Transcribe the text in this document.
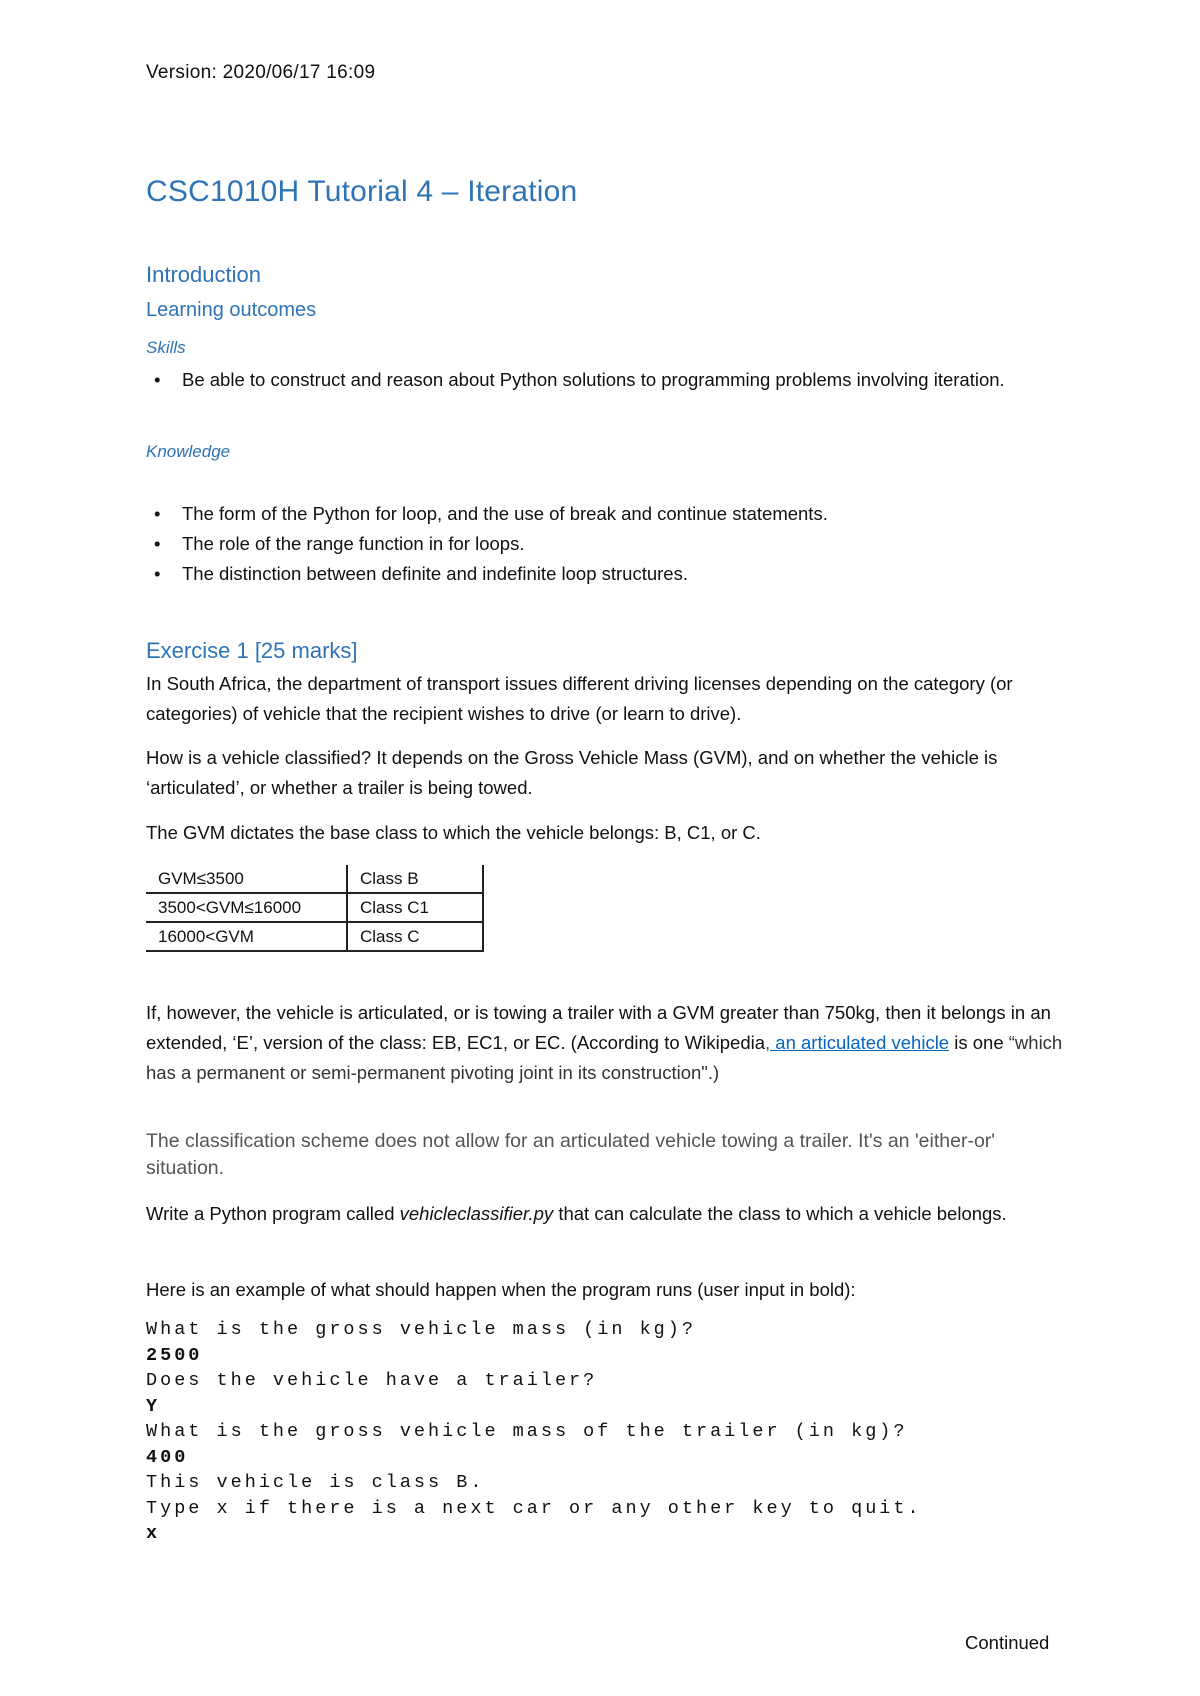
Version: 2020/06/17 16:09
CSC1010H Tutorial 4 – Iteration
Introduction
Learning outcomes
Skills
• Be able to construct and reason about Python solutions to programming problems involving iteration.
Knowledge
• The form of the Python for loop, and the use of break and continue statements.
• The role of the range function in for loops.
• The distinction between definite and indefinite loop structures.
Exercise 1 [25 marks]

In South Africa, the department of transport issues different driving licenses depending on the category (or categories) of vehicle that the recipient wishes to drive (or learn to drive).

How is a vehicle classified? It depends on the Gross Vehicle Mass (GVM), and on whether the vehicle is ‘articulated’, or whether a trailer is being towed.

The GVM dictates the base class to which the vehicle belongs: B, C1, or C.

GVM≤3500	Class B
3500<GVM≤16000	Class C1
16000<GVM	Class C

If, however, the vehicle is articulated, or is towing a trailer with a GVM greater than 750kg, then it belongs in an extended, ‘E’, version of the class: EB, EC1, or EC. (According to Wikipedia, an articulated vehicle is one “which has a permanent or semi-permanent pivoting joint in its construction".)

The classification scheme does not allow for an articulated vehicle towing a trailer. It's an 'either-or' situation.

Write a Python program called vehicleclassifier.py that can calculate the class to which a vehicle belongs.

Here is an example of what should happen when the program runs (user input in bold):

What is the gross vehicle mass (in kg)?
2500
Does the vehicle have a trailer?
Y
What is the gross vehicle mass of the trailer (in kg)?
400
This vehicle is class B.
Type x if there is a next car or any other key to quit.
x
Continued
